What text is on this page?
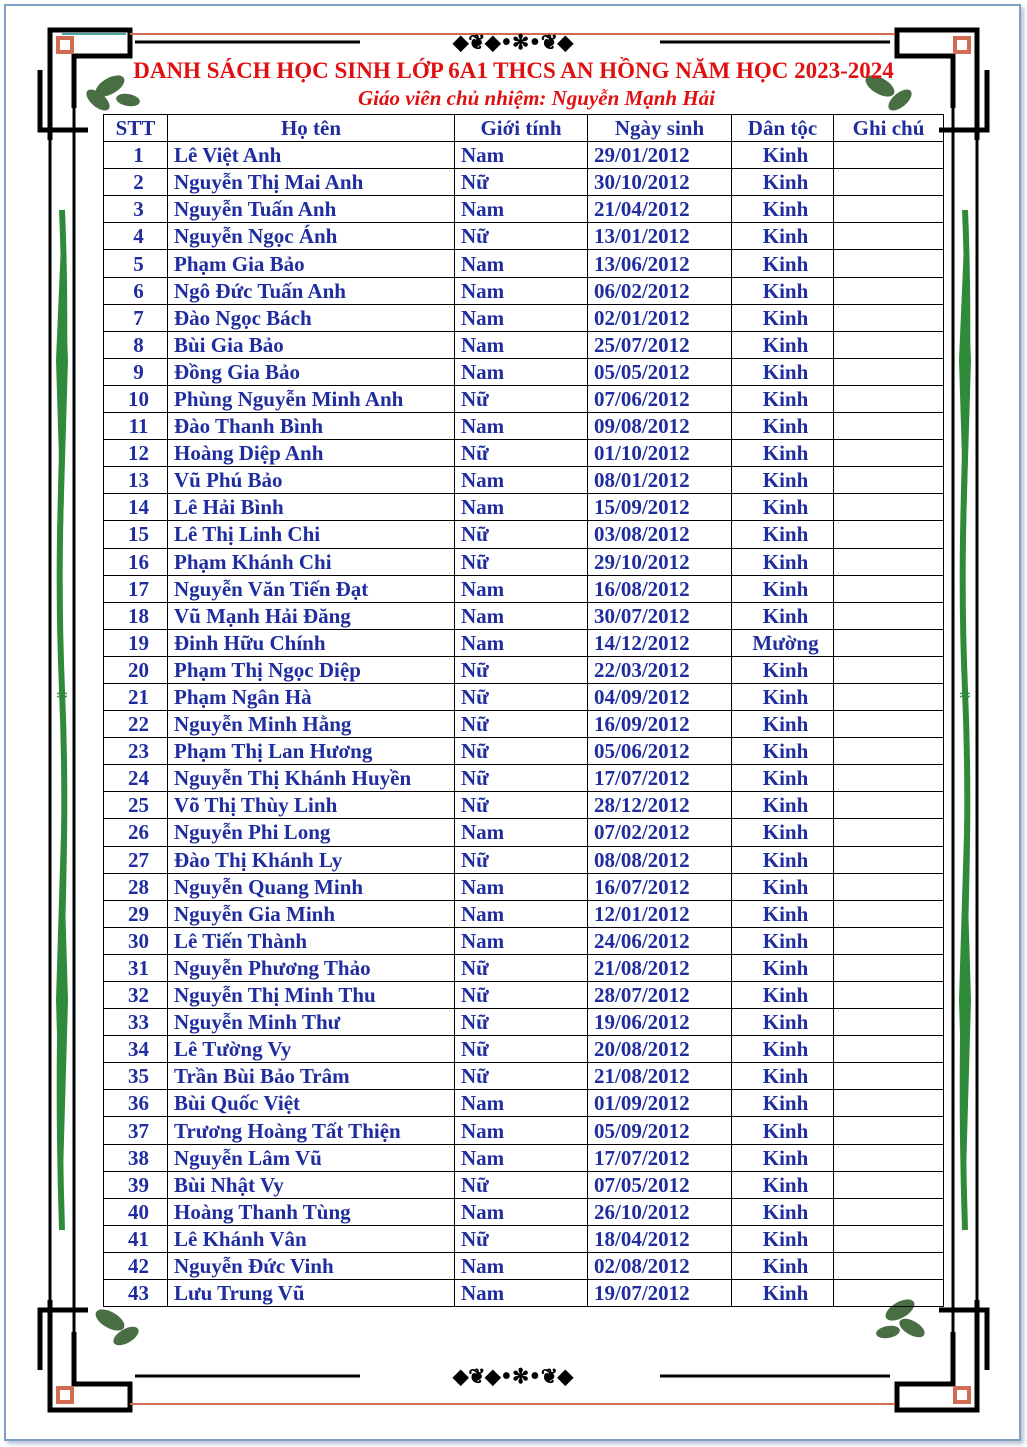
◆❦◆•✻•❦◆
◆❦◆•✻•❦◆
≈	≈
DANH SÁCH HỌC SINH LỚP 6A1 THCS AN HỒNG NĂM HỌC 2023-2024
Giáo viên chủ nhiệm: Nguyễn Mạnh Hải
STT	Họ tên	Giới tính	Ngày sinh	Dân tộc	Ghi chú
1	Lê Việt Anh	Nam	29/01/2012	Kinh	
2	Nguyễn Thị Mai Anh	Nữ	30/10/2012	Kinh	
3	Nguyễn Tuấn Anh	Nam	21/04/2012	Kinh	
4	Nguyễn Ngọc Ánh	Nữ	13/01/2012	Kinh	
5	Phạm Gia Bảo	Nam	13/06/2012	Kinh	
6	Ngô Đức Tuấn Anh	Nam	06/02/2012	Kinh	
7	Đào Ngọc Bách	Nam	02/01/2012	Kinh	
8	Bùi Gia Bảo	Nam	25/07/2012	Kinh	
9	Đồng Gia Bảo	Nam	05/05/2012	Kinh	
10	Phùng Nguyễn Minh Anh	Nữ	07/06/2012	Kinh	
11	Đào Thanh Bình	Nam	09/08/2012	Kinh	
12	Hoàng Diệp Anh	Nữ	01/10/2012	Kinh	
13	Vũ Phú Bảo	Nam	08/01/2012	Kinh	
14	Lê Hải Bình	Nam	15/09/2012	Kinh	
15	Lê Thị Linh Chi	Nữ	03/08/2012	Kinh	
16	Phạm Khánh Chi	Nữ	29/10/2012	Kinh	
17	Nguyễn Văn Tiến Đạt	Nam	16/08/2012	Kinh	
18	Vũ Mạnh Hải Đăng	Nam	30/07/2012	Kinh	
19	Đinh Hữu Chính	Nam	14/12/2012	Mường	
20	Phạm Thị Ngọc Diệp	Nữ	22/03/2012	Kinh	
21	Phạm Ngân Hà	Nữ	04/09/2012	Kinh	
22	Nguyễn Minh Hằng	Nữ	16/09/2012	Kinh	
23	Phạm Thị Lan Hương	Nữ	05/06/2012	Kinh	
24	Nguyễn Thị Khánh Huyền	Nữ	17/07/2012	Kinh	
25	Võ Thị Thùy Linh	Nữ	28/12/2012	Kinh	
26	Nguyễn Phi Long	Nam	07/02/2012	Kinh	
27	Đào Thị Khánh Ly	Nữ	08/08/2012	Kinh	
28	Nguyễn Quang Minh	Nam	16/07/2012	Kinh	
29	Nguyễn Gia Minh	Nam	12/01/2012	Kinh	
30	Lê Tiến Thành	Nam	24/06/2012	Kinh	
31	Nguyễn Phương Thảo	Nữ	21/08/2012	Kinh	
32	Nguyễn Thị Minh Thu	Nữ	28/07/2012	Kinh	
33	Nguyễn Minh Thư	Nữ	19/06/2012	Kinh	
34	Lê Tường Vy	Nữ	20/08/2012	Kinh	
35	Trần Bùi Bảo Trâm	Nữ	21/08/2012	Kinh	
36	Bùi Quốc Việt	Nam	01/09/2012	Kinh	
37	Trương Hoàng Tất Thiện	Nam	05/09/2012	Kinh	
38	Nguyễn Lâm Vũ	Nam	17/07/2012	Kinh	
39	Bùi Nhật Vy	Nữ	07/05/2012	Kinh	
40	Hoàng Thanh Tùng	Nam	26/10/2012	Kinh	
41	Lê Khánh Vân	Nữ	18/04/2012	Kinh	
42	Nguyễn Đức Vinh	Nam	02/08/2012	Kinh	
43	Lưu Trung Vũ	Nam	19/07/2012	Kinh	
